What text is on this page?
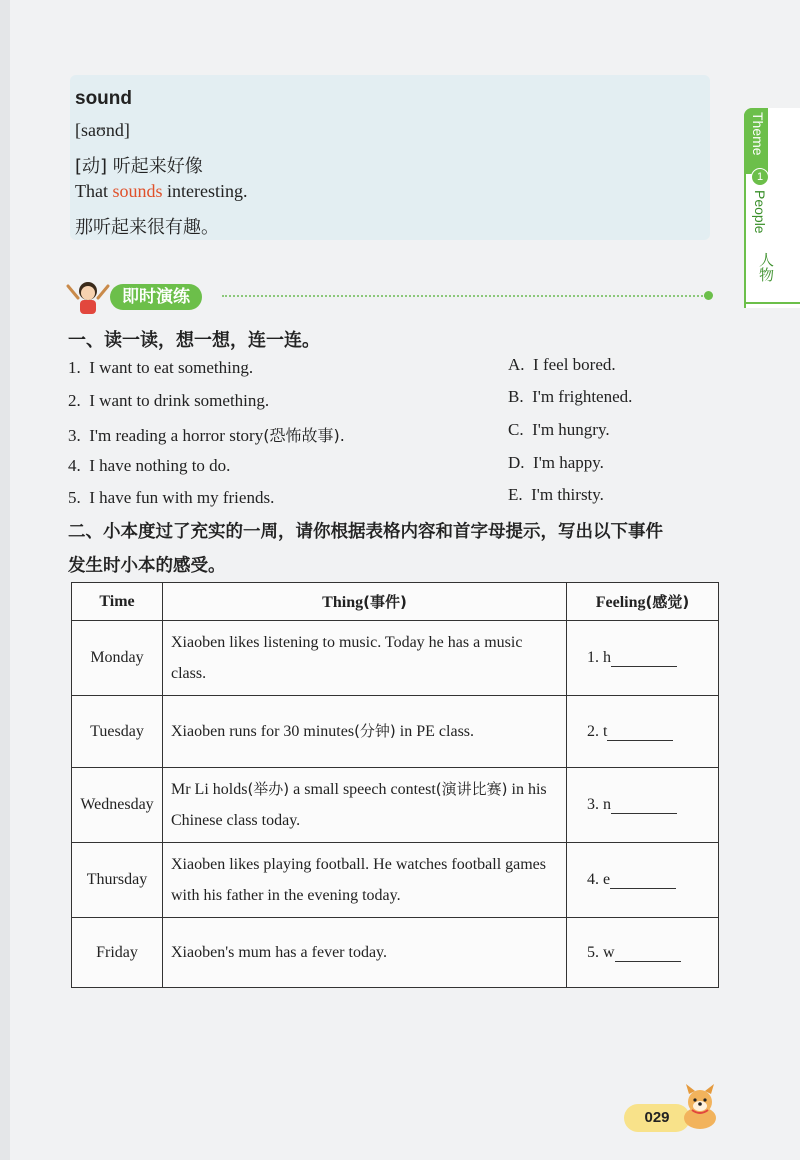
sound
[saʊnd]
[动] 听起来好像
That sounds interesting.
那听起来很有趣。
Theme
1
People
人物
即时演练
一、读一读，想一想，连一连。
1. I want to eat something.
2. I want to drink something.
3. I'm reading a horror story(恐怖故事).
4. I have nothing to do.
5. I have fun with my friends.
A. I feel bored.
B. I'm frightened.
C. I'm hungry.
D. I'm happy.
E. I'm thirsty.
二、小本度过了充实的一周，请你根据表格内容和首字母提示，写出以下事件
发生时小本的感受。
Time	Thing(事件)	Feeling(感觉)
Monday	Xiaoben likes listening to music. Today he has a music class.	1. h
Tuesday	Xiaoben runs for 30 minutes(分钟) in PE class.	2. t
Wednesday	Mr Li holds(举办) a small speech contest(演讲比赛) in his Chinese class today.	3. n
Thursday	Xiaoben likes playing football. He watches football games with his father in the evening today.	4. e
Friday	Xiaoben's mum has a fever today.	5. w
029
